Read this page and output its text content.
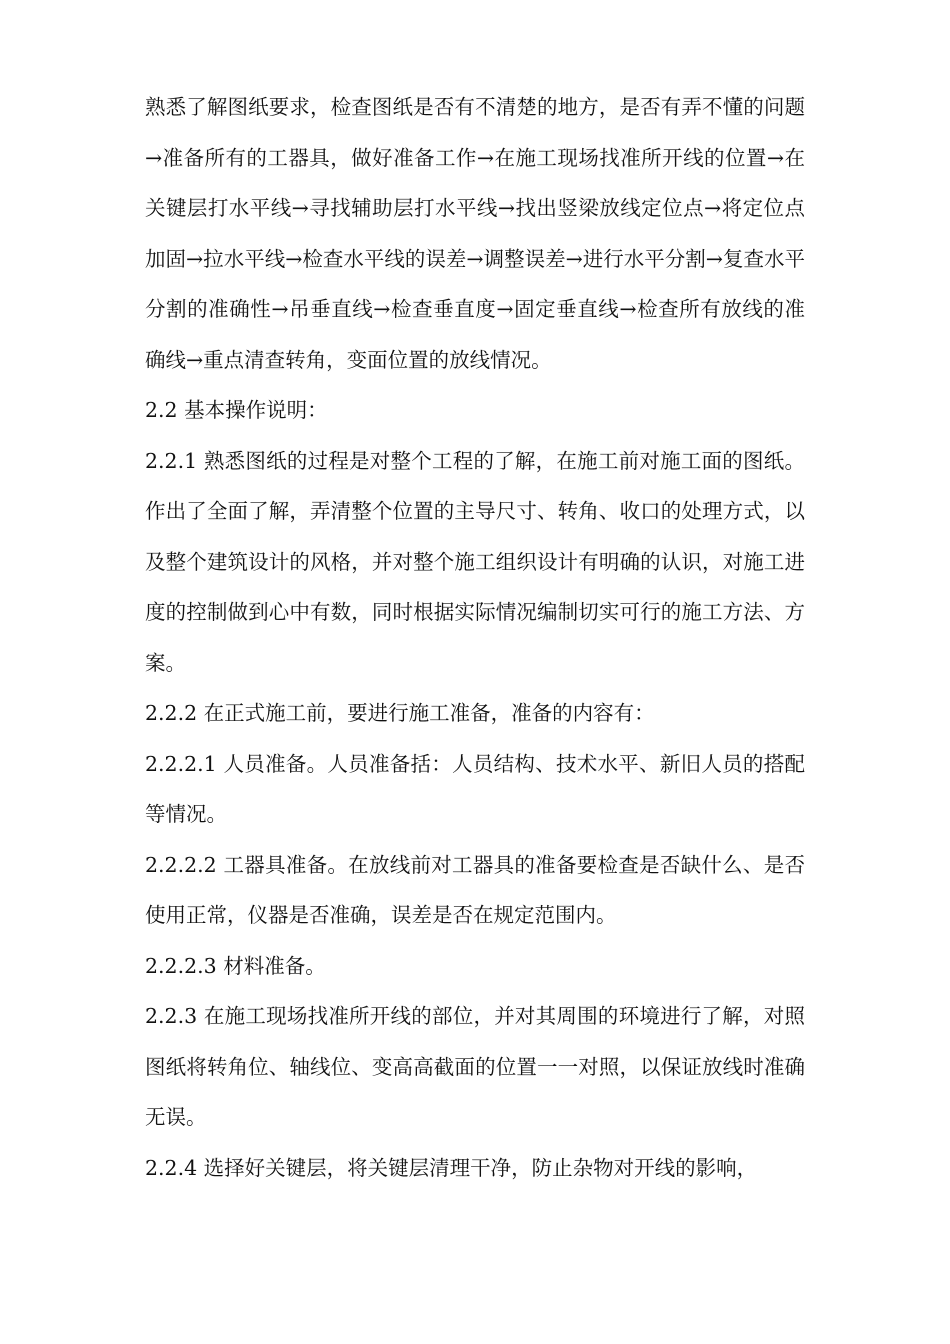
熟悉了解图纸要求，检查图纸是否有不清楚的地方，是否有弄不懂的问题→准备所有的工器具，做好准备工作→在施工现场找准所开线的位置→在关键层打水平线→寻找辅助层打水平线→找出竖梁放线定位点→将定位点加固→拉水平线→检查水平线的误差→调整误差→进行水平分割→复查水平分割的准确性→吊垂直线→检查垂直度→固定垂直线→检查所有放线的准确线→重点清查转角，变面位置的放线情况。

2.2 基本操作说明：

2.2.1 熟悉图纸的过程是对整个工程的了解，在施工前对施工面的图纸。作出了全面了解，弄清整个位置的主导尺寸、转角、收口的处理方式，以及整个建筑设计的风格，并对整个施工组织设计有明确的认识，对施工进度的控制做到心中有数，同时根据实际情况编制切实可行的施工方法、方案。

2.2.2 在正式施工前，要进行施工准备，准备的内容有：

2.2.2.1 人员准备。人员准备括：人员结构、技术水平、新旧人员的搭配等情况。

2.2.2.2 工器具准备。在放线前对工器具的准备要检查是否缺什么、是否使用正常，仪器是否准确，误差是否在规定范围内。

2.2.2.3 材料准备。

2.2.3 在施工现场找准所开线的部位，并对其周围的环境进行了解，对照图纸将转角位、轴线位、变高高截面的位置一一对照，以保证放线时准确无误。

2.2.4 选择好关键层，将关键层清理干净，防止杂物对开线的影响，
